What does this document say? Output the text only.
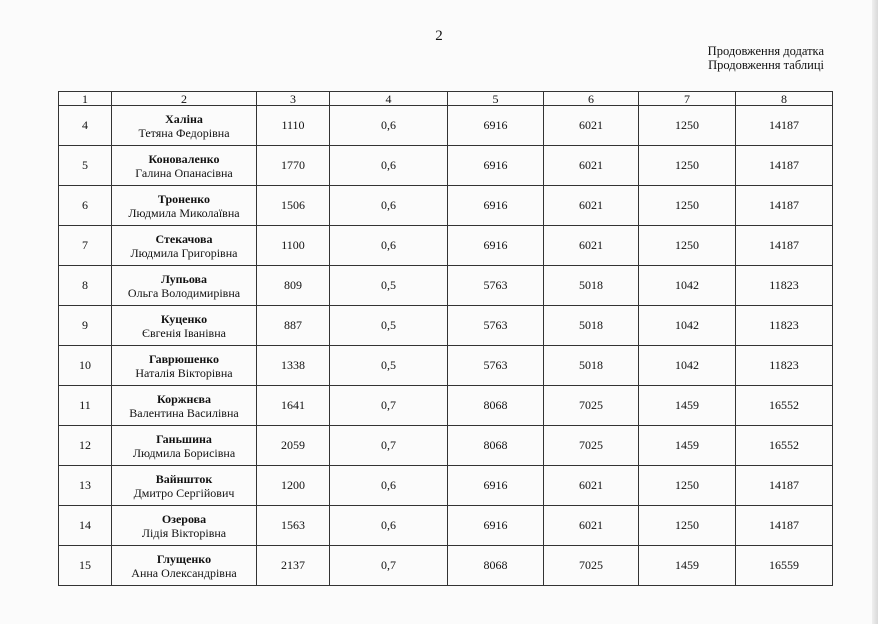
2
Продовження додатка
Продовження таблиці
1	2	3	4	5	6	7	8
4	Халіна
Тетяна Федорівна	1110	0,6	6916	6021	1250	14187
5	Коноваленко
Галина Опанасівна	1770	0,6	6916	6021	1250	14187
6	Троненко
Людмила Миколаївна	1506	0,6	6916	6021	1250	14187
7	Стекачова
Людмила Григорівна	1100	0,6	6916	6021	1250	14187
8	Лупьова
Ольга Володимирівна	809	0,5	5763	5018	1042	11823
9	Куценко
Євгенія Іванівна	887	0,5	5763	5018	1042	11823
10	Гаврюшенко
Наталія Вікторівна	1338	0,5	5763	5018	1042	11823
11	Коржнєва
Валентина Василівна	1641	0,7	8068	7025	1459	16552
12	Ганьшина
Людмила Борисівна	2059	0,7	8068	7025	1459	16552
13	Вайншток
Дмитро Сергійович	1200	0,6	6916	6021	1250	14187
14	Озерова
Лідія Вікторівна	1563	0,6	6916	6021	1250	14187
15	Глущенко
Анна Олександрівна	2137	0,7	8068	7025	1459	16559
